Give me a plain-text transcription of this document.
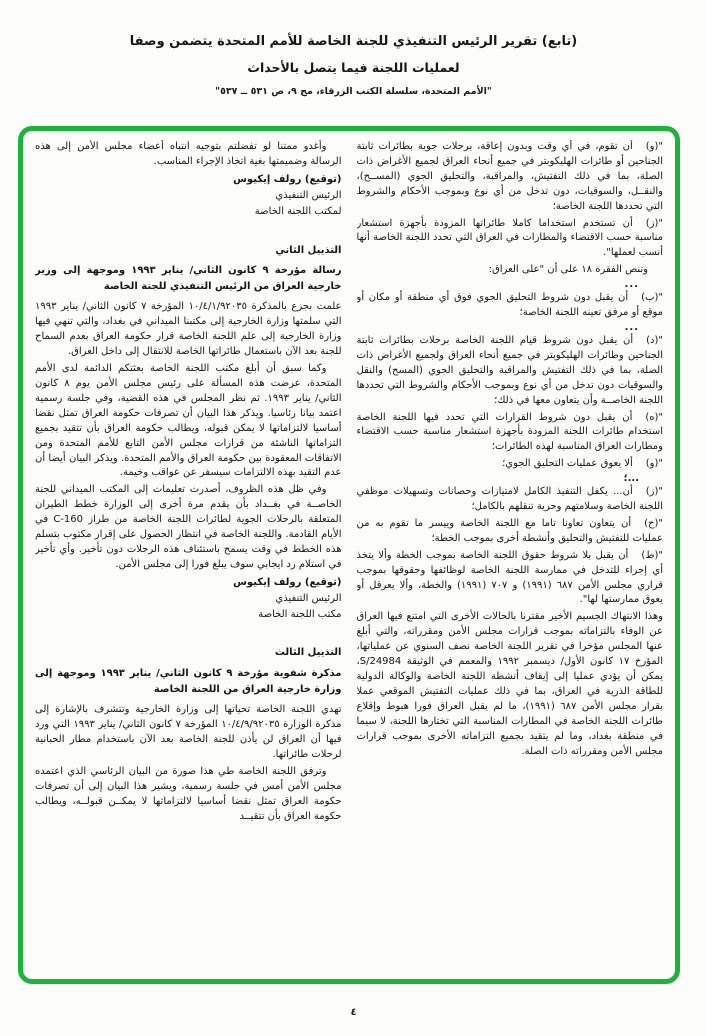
(تابع) تقرير الرئيس التنفيذي للجنة الخاصة للأمم المتحدة يتضمن وصفا
لعمليات اللجنة فيما يتصل بالأحداث
"الأمم المتحدة، سلسلة الكتب الزرقاء، مج ٩، ص ٥٣١ ــ ٥٣٧"

"(و)أن تقوم، في أي وقت وبدون إعاقة، برحلات جوية بطائرات ثابتة الجناحين أو طائرات الهليكوبتر في جميع أنحاء العراق لجميع الأغراض ذات الصلة، بما في ذلك التفتيش، والمراقبة، والتحليق الجوي (المســح)، والنقــل، والسوقيات، دون تدخل من أي نوع وبموجب الأحكام والشروط التي تحددها اللجنة الخاصة؛

"(ز)أن تستخدم استخداما كاملا طائراتها المزودة بأجهزة استشعار مناسبة حسب الاقتضاء والمطارات في العراق التي تحدد اللجنة الخاصة أنها أنسب لعملها".

وتنص الفقرة ١٨ على أن "على العراق:

...

"(ب)أن يقبل دون شروط التحليق الجوي فوق أي منطقة أو مكان أو موقع أو مرفق تعينه اللجنة الخاصة؛

...

"(د)أن يقبل دون شروط قيام اللجنة الخاصة برحلات بطائرات ثابتة الجناحين وطائرات الهليكوبتر في جميع أنحاء العراق ولجميع الأغراض ذات الصلة، بما في ذلك التفتيش والمراقبة والتحليق الجوي (المسح) والنقل والسوقيات دون تدخل من أي نوع وبموجب الأحكام والشروط التي تحددها اللجنة الخاصــة وأن يتعاون معها في ذلك؛

"(ه)أن يقبل دون شروط القرارات التي تحدد فيها اللجنة الخاصة استخدام طائرات اللجنة المزودة بأجهزة استشعار مناسبة حسب الاقتضاء ومطارات العراق المناسبة لهذه الطائرات؛

"(و)ألا يعوق عمليات التحليق الجوي؛

...؛

"(ز)أن... يكفل التنفيذ الكامل لامتيازات وحصانات وتسهيلات موظفي اللجنة الخاصة وسلامتهم وحرية تنقلهم بالكامل؛

"(ح)أن يتعاون تعاونا تاما مع اللجنة الخاصة وييسر ما تقوم به من عمليات للتفتيش والتحليق وأنشطة أخرى بموجب الخطة؛

"(ط)أن يقبل بلا شروط حقوق اللجنة الخاصة بموجب الخطة وألا يتخذ أي إجراء للتدخل في ممارسة اللجنة الخاصة لوظائفها وحقوقها بموجب قراري مجلس الأمن ٦٨٧ (١٩٩١) و ٧٠٧ (١٩٩١) والخطة، وألا يعرقل أو يعوق ممارستها لها".

وهذا الانتهاك الجسيم الأخير مقترنا بالحالات الأخرى التي امتنع فيها العراق عن الوفاء بالتزاماته بموجب قرارات مجلس الأمن ومقرراته، والتي أبلغ عنها المجلس مؤخرا في تقرير اللجنة الخاصة نصف السنوي عن عملياتها، المؤرخ ١٧ كانون الأول/ ديسمبر ١٩٩٢ والمعمم في الوثيقة S/24984، يمكن أن يؤدي عمليا إلى إيقاف أنشطة اللجنة الخاصة والوكالة الدولية للطاقة الذرية في العراق، بما في ذلك عمليات التفتيش الموقعي عملا بقرار مجلس الأمن ٦٨٧ (١٩٩١)، ما لم يقبل العراق فورا هبوط وإقلاع طائرات اللجنة الخاصة في المطارات المناسبة التي تختارها اللجنة، لا سيما في منطقة بغداد، وما لم يتقيد بجميع التزاماته الأخرى بموجب قرارات مجلس الأمن ومقرراته ذات الصلة.

وأغدو ممتنا لو تفضلتم بتوجيه انتباه أعضاء مجلس الأمن إلى هذه الرسالة وضميمتها بغية اتخاذ الإجراء المناسب.

(توقيع) رولف إيكيوس

الرئيس التنفيذي

لمكتب اللجنة الخاصة

التذييل الثاني

رسالة مؤرخة ٩ كانون الثاني/ يناير ١٩٩٣ وموجهة إلى وزير خارجية العراق من الرئيس التنفيذي للجنة الخاصة

علمت بجزع بالمذكرة ١٠/٤/١/٩٢٠٣٥ المؤرخة ٧ كانون الثاني/ يناير ١٩٩٣ التي سلمتها وزارة الخارجية إلى مكتبنا الميداني في بغداد، والتي تنهي فيها وزارة الخارجية إلى علم اللجنة الخاصة قرار حكومة العراق بعدم السماح للجنة بعد الآن باستعمال طائراتها الخاصة للانتقال إلى داخل العراق.

وكما سبق أن أبلغ مكتب اللجنة الخاصة بعثتكم الدائمة لدى الأمم المتحدة، عرضت هذه المسألة على رئيس مجلس الأمن يوم ٨ كانون الثاني/ يناير ١٩٩٣. ثم نظر المجلس في هذه القضية، وفي جلسة رسمية اعتمد بيانا رئاسيا. ويذكر هذا البيان أن تصرفات حكومة العراق تمثل نقضا أساسيا لالتزاماتها لا يمكن قبوله، ويطالب حكومة العراق بأن تتقيد بجميع التزاماتها الناشئة من قرارات مجلس الأمن التابع للأمم المتحدة ومن الاتفاقات المعقودة بين حكومة العراق والأمم المتحدة. ويذكر البيان أيضا أن عدم التقيد بهذه الالتزامات سيسفر عن عواقب وخيمة.

وفي ظل هذه الظروف، أصدرت تعليمات إلى المكتب الميداني للجنة الخاصــة في بغــداد بأن يقدم مرة أخرى إلى الوزارة خطط الطيران المتعلقة بالرحلات الجوية لطائرات اللجنة الخاصة من طراز C-160 في الأيام القادمة. واللجنة الخاصة في انتظار الحصول على إقرار مكتوب بتسلم هذه الخطط في وقت يسمح باستئناف هذه الرحلات دون تأخير. وأي تأخير في استلام رد ايجابي سوف يبلغ فورا إلى مجلس الأمن.

(توقيع) رولف إيكيوس

الرئيس التنفيذي

مكتب اللجنة الخاصة

التذييل الثالث

مذكرة شفوية مؤرخة ٩ كانون الثاني/ يناير ١٩٩٣ وموجهة إلى وزارة خارجية العراق من اللجنة الخاصة

تهدي اللجنة الخاصة تحياتها إلى وزارة الخارجية وتتشرف بالإشارة إلى مذكرة الوزارة ١٠/٤/٩/٩٢٠٣٥ المؤرخة ٧ كانون الثاني/ يناير ١٩٩٣ التي ورد فيها أن العراق لن يأذن للجنة الخاصة بعد الآن باستخدام مطار الحبانية لرحلات طائراتها.

وترفق اللجنة الخاصة طي هذا صورة من البيان الرئاسي الذي اعتمده مجلس الأمن أمس في جلسة رسمية، ويشير هذا البيان إلى أن تصرفات حكومة العراق تمثل نقضا أساسيا لالتزاماتها لا يمكــن قبولــه، ويطالب حكومة العراق بأن تتقيــد

٤
